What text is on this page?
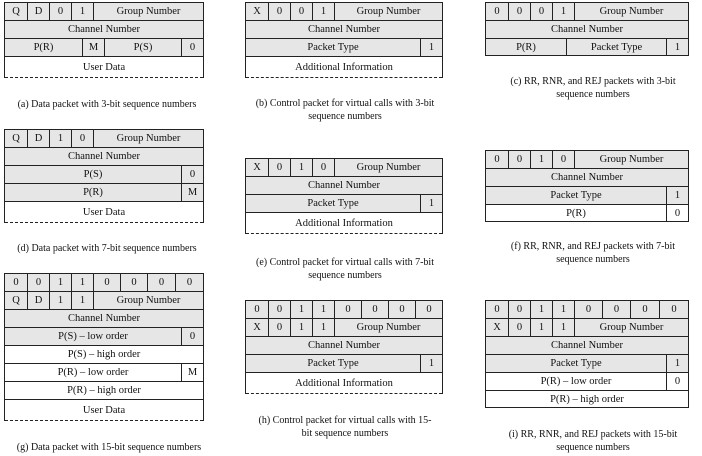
Q	D	0	1	Group Number
Channel Number
P(R)	M	P(S)	0
User Data
(a) Data packet with 3-bit sequence numbers
X	0	0	1	Group Number
Channel Number
Packet Type	1
Additional Information
(b) Control packet for virtual calls with 3-bit
sequence numbers
0	0	0	1	Group Number
Channel Number
P(R)	Packet Type	1
(c) RR, RNR, and REJ packets with 3-bit
sequence numbers
Q	D	1	0	Group Number
Channel Number
P(S)	0
P(R)	M
User Data
(d) Data packet with 7-bit sequence numbers
X	0	1	0	Group Number
Channel Number
Packet Type	1
Additional Information
(e) Control packet for virtual calls with 7-bit
sequence numbers
0	0	1	0	Group Number
Channel Number
Packet Type	1
P(R)	0
(f) RR, RNR, and REJ packets with 7-bit
sequence numbers
0	0	1	1	0	0	0	0
Q	D	1	1	Group Number
Channel Number
P(S) – low order	0
P(S) – high order
P(R) – low order	M
P(R) – high order
User Data
(g) Data packet with 15-bit sequence numbers
0	0	1	1	0	0	0	0
X	0	1	1	Group Number
Channel Number
Packet Type	1
Additional Information
(h) Control packet for virtual calls with 15-
bit sequence numbers
0	0	1	1	0	0	0	0
X	0	1	1	Group Number
Channel Number
Packet Type	1
P(R) – low order	0
P(R) – high order
(i) RR, RNR, and REJ packets with 15-bit
sequence numbers
